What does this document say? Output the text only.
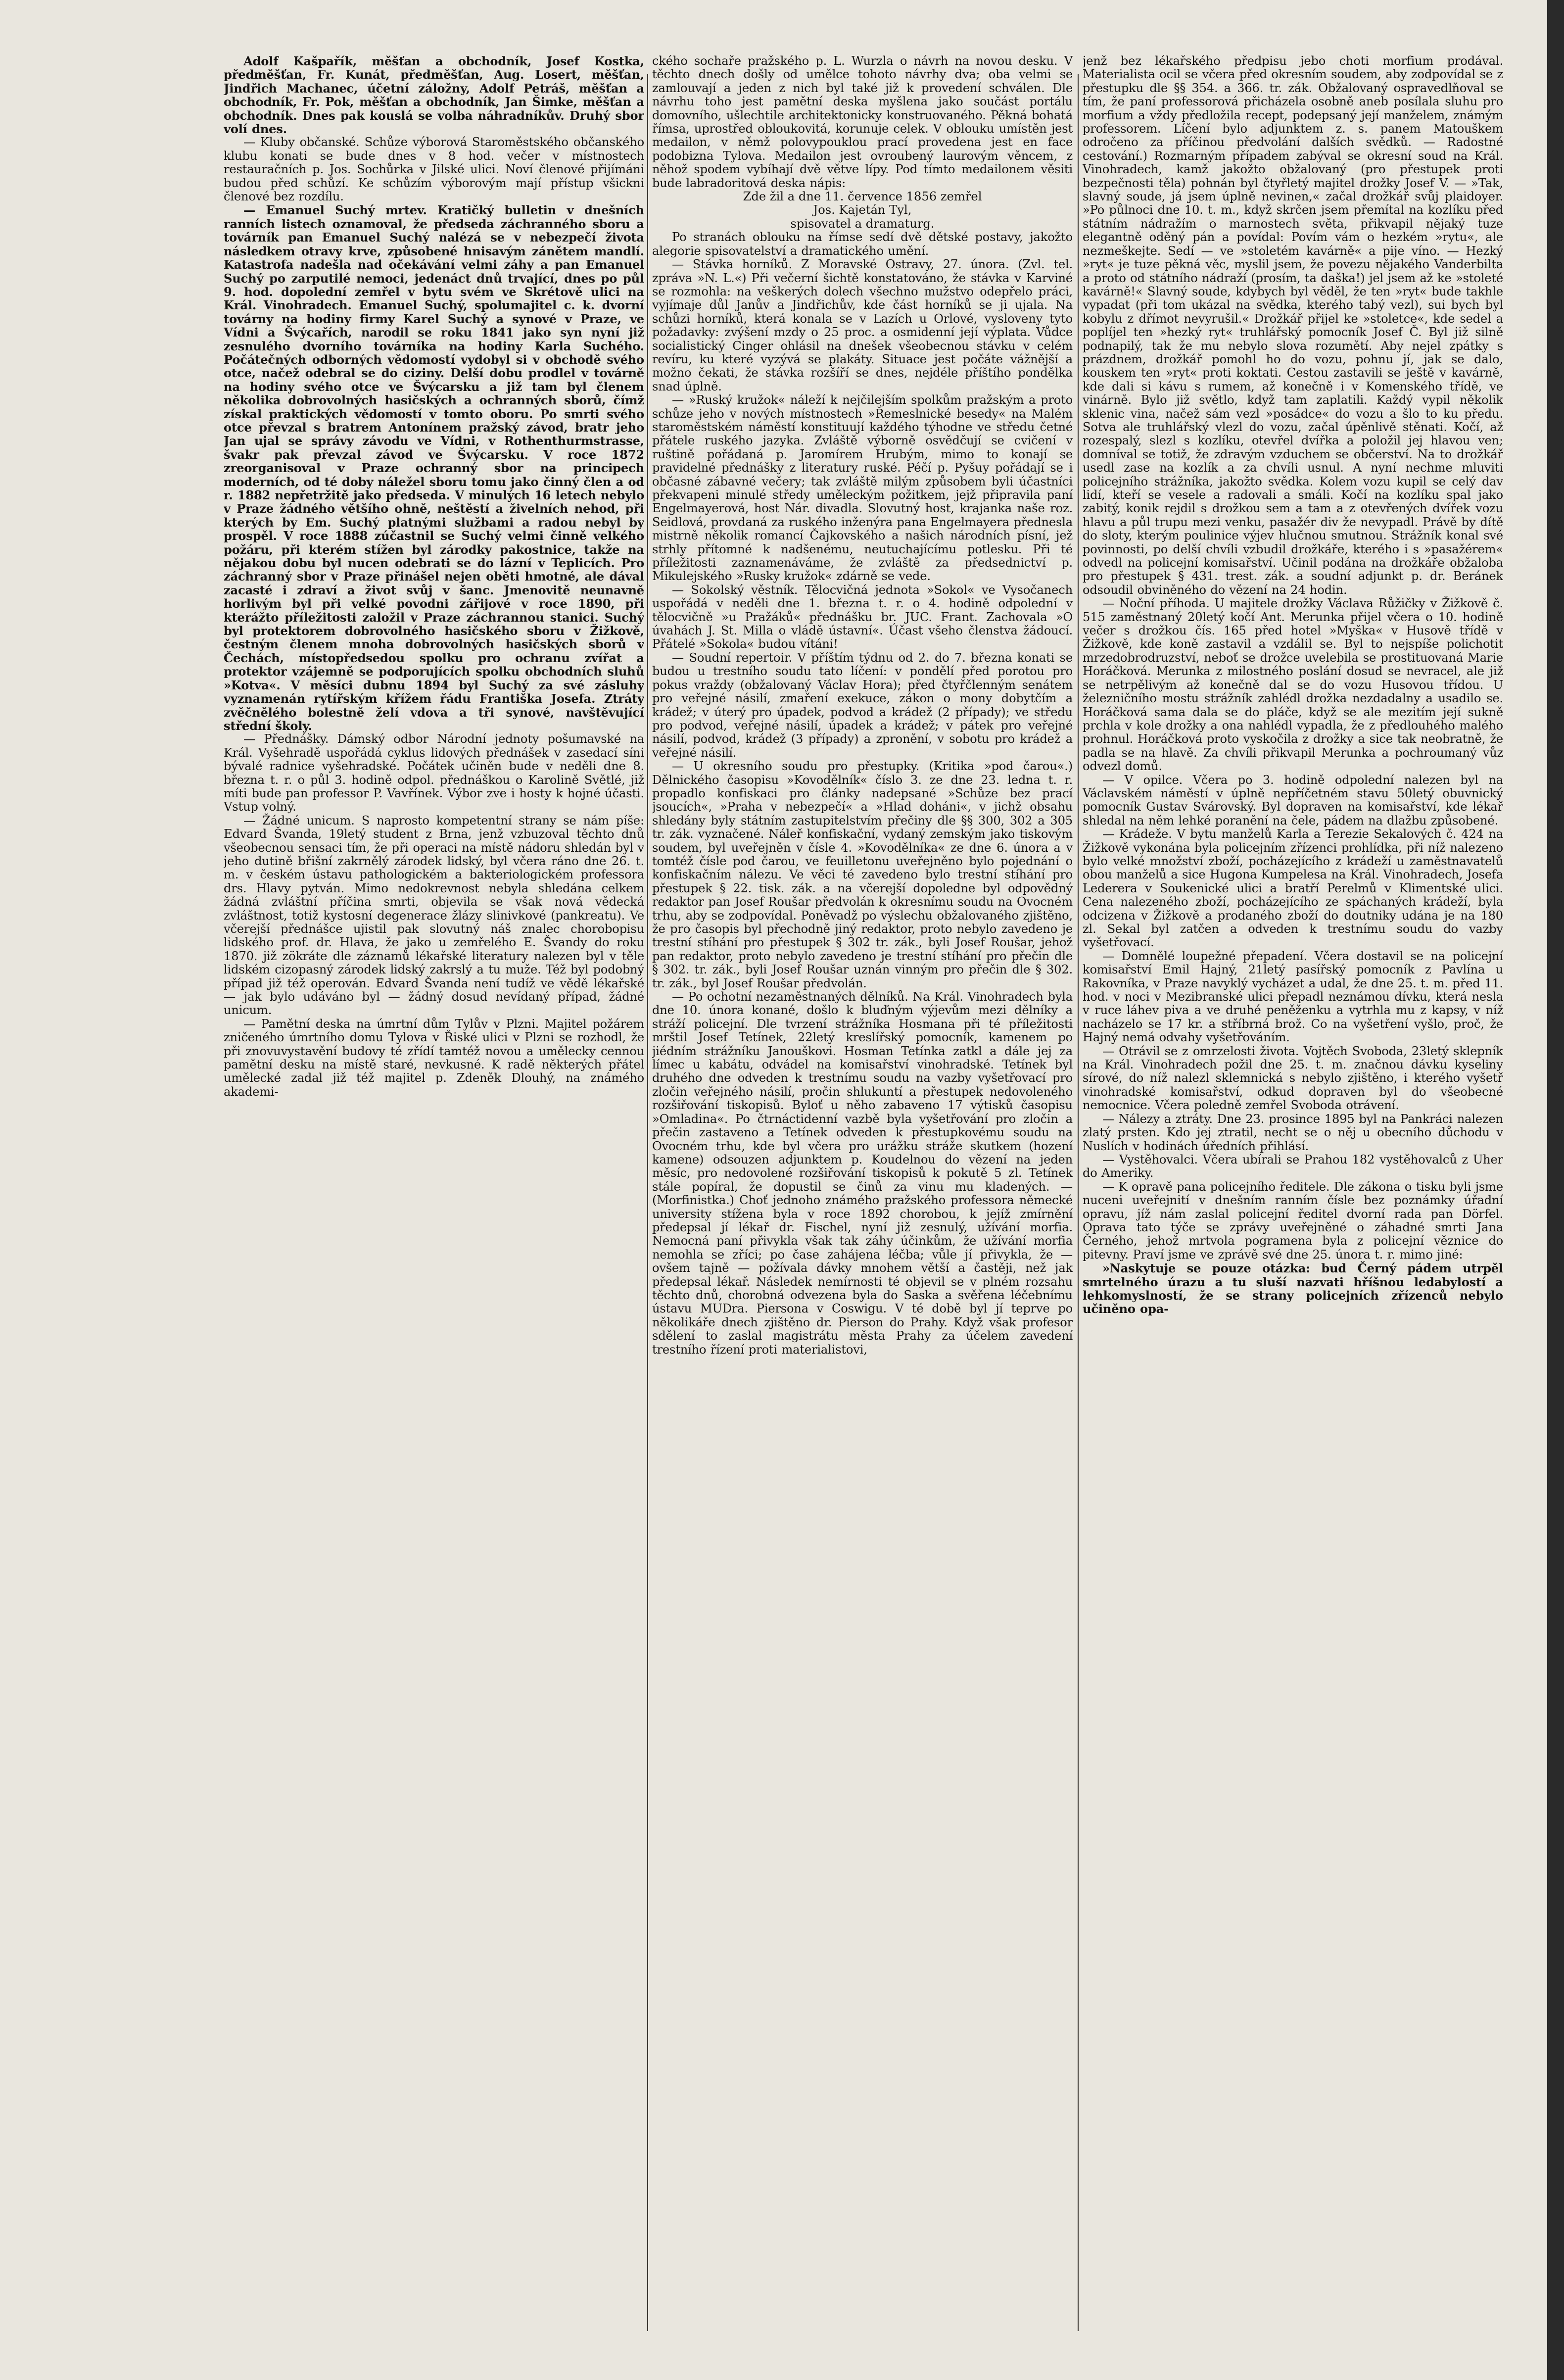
Adolf Kašpařík, měšťan a obchodník, Josef Kostka, předměšťan, Fr. Kunát, předměšťan, Aug. Losert, měšťan, Jindřich Machanec, účetní záložny, Adolf Petráš, měšťan a obchodník, Fr. Pok, měšťan a obchodník, Jan Šimke, měšťan a obchodník. Dnes pak kouslá se volba náhradníkův. Druhý sbor volí dnes.

— Kluby občanské. Schůze výborová Staroměstského občanského klubu konati se bude dnes v 8 hod. večer v místnostech restauračních p. Jos. Sochůrka v Jilské ulici. Noví členové přijímáni budou před schůzí. Ke schůzím výborovým mají přístup všickni členové bez rozdílu.

— Emanuel Suchý mrtev. Kratičký bulletin v dnešních ranních listech oznamoval, že předseda záchranného sboru a továrník pan Emanuel Suchý nalézá se v nebezpečí života následkem otravy krve, způsobené hnisavým zánětem mandlí. Katastrofa nadešla nad očekávání velmi záhy a pan Emanuel Suchý po zarputilé nemoci, jedenáct dnů trvající, dnes po půl 9. hod. dopolední zemřel v bytu svém ve Skrétově ulici na Král. Vinohradech. Emanuel Suchý, spolumajitel c. k. dvorní továrny na hodiny firmy Karel Suchý a synové v Praze, ve Vídni a Švýcařích, narodil se roku 1841 jako syn nyní již zesnulého dvorního továrníka na hodiny Karla Suchého. Počátečných odborných vědomostí vydobyl si v obchodě svého otce, načež odebral se do ciziny. Delší dobu prodlel v továrně na hodiny svého otce ve Švýcarsku a již tam byl členem několika dobrovolných hasičských a ochranných sborů, čímž získal praktických vědomostí v tomto oboru. Po smrti svého otce převzal s bratrem Antonínem pražský závod, bratr jeho Jan ujal se správy závodu ve Vídni, v Rothenthurmstrasse, švakr pak převzal závod ve Švýcarsku. V roce 1872 zreorganisoval v Praze ochranný sbor na principech moderních, od té doby náležel sboru tomu jako činný člen a od r. 1882 nepřetržitě jako předseda. V minulých 16 letech nebylo v Praze žádného většího ohně, neštěstí a živelních nehod, při kterých by Em. Suchý platnými službami a radou nebyl by prospěl. V roce 1888 zúčastnil se Suchý velmi činně velkého požáru, při kterém stížen byl zárodky pakostnice, takže na nějakou dobu byl nucen odebrati se do lázní v Teplicích. Pro záchranný sbor v Praze přinášel nejen oběti hmotné, ale dával zacasté i zdraví a život svůj v šanc. Jmenovitě neunavně horlivým byl při velké povodni zářijové v roce 1890, při kterážto příležitosti založil v Praze záchrannou stanici. Suchý byl protektorem dobrovolného hasičského sboru v Žižkově, čestným členem mnoha dobrovolných hasičských sborů v Čechách, místopředsedou spolku pro ochranu zvířat a protektor vzájemně se podporujících spolku obchodních sluhů »Kotva«. V měsíci dubnu 1894 byl Suchý za své zásluhy vyznamenán rytířským křížem řádu Františka Josefa. Ztráty zvěčnělého bolestně želí vdova a tři synové, navštěvující střední školy.

— Přednášky. Dámský odbor Národní jednoty pošumavské na Král. Vyšehradě uspořádá cyklus lidových přednášek v zasedací síni bývalé radnice vyšehradské. Počátek učiněn bude v neděli dne 8. března t. r. o půl 3. hodině odpol. přednáškou o Karolině Světlé, již míti bude pan professor P. Vavřínek. Výbor zve i hosty k hojné účasti. Vstup volný.

— Žádné unicum. S naprosto kompetentní strany se nám píše: Edvard Švanda, 19letý student z Brna, jenž vzbuzoval těchto dnů všeobecnou sensaci tím, že při operaci na místě nádoru shledán byl v jeho dutině břišní zakrnělý zárodek lidský, byl včera ráno dne 26. t. m. v českém ústavu pathologickém a bakteriologickém professora drs. Hlavy pytván. Mimo nedokrevnost nebyla shledána celkem žádná zvláštní příčina smrti, objevila se však nová vědecká zvláštnost, totiž kystosní degenerace žlázy slinivkové (pankreatu). Ve včerejší přednášce ujistil pak slovutný náš znalec chorobopisu lidského prof. dr. Hlava, že jako u zemřelého E. Švandy do roku 1870. již zökráte dle záznamů lékařské literatury nalezen byl v těle lidském cizopasný zárodek lidský zakrslý a tu muže. Též byl podobný případ již též operován. Edvard Švanda není tudíž ve vědě lékařské — jak bylo udáváno byl — žádný dosud nevídaný případ, žádné unicum.

— Pamětní deska na úmrtní dům Tylův v Plzni. Majitel požárem zničeného úmrtního domu Tylova v Řiské ulici v Plzni se rozhodl, že při znovuvystavění budovy té zřídí tamtéž novou a umělecky cennou pamětní desku na místě staré, nevkusné. K radě některých přátel umělecké zadal již též majitel p. Zdeněk Dlouhý, na známého akademi-

ckého sochaře pražského p. L. Wurzla o návrh na novou desku. V těchto dnech došly od umělce tohoto návrhy dva; oba velmi se zamlouvají a jeden z nich byl také již k provedení schválen. Dle návrhu toho jest pamětní deska myšlena jako součást portálu domovního, ušlechtile architektonicky konstruovaného. Pěkná bohatá římsa, uprostřed obloukovitá, korunuje celek. V oblouku umístěn jest medailon, v němž polovypouklou prací provedena jest en face podobizna Tylova. Medailon jest ovroubený laurovým věncem, z něhož spodem vybíhají dvě větve lípy. Pod tímto medailonem věsiti bude labradoritová deska nápis:

Zde žil a dne 11. července 1856 zemřel

Jos. Kajetán Tyl,

spisovatel a dramaturg.

Po stranách oblouku na římse sedí dvě dětské postavy, jakožto alegorie spisovatelství a dramatického umění.

— Stávka horníků. Z Moravské Ostravy, 27. února. (Zvl. tel. zpráva »N. L.«) Při večerní šichtě konstatováno, že stávka v Karviné se rozmohla: na veškerých dolech všechno mužstvo odepřelo práci, vyjímaje důl Janův a Jindřichův, kde část horníků se ji ujala. Na schůzi horníků, která konala se v Lazích u Orlové, vysloveny tyto požadavky: zvýšení mzdy o 25 proc. a osmidenní její výplata. Vůdce socialistický Cinger ohlásil na dnešek všeobecnou stávku v celém revíru, ku které vyzývá se plakáty. Situace jest počáte vážnější a možno čekati, že stávka rozšíří se dnes, nejdéle příštího pondělka snad úplně.

— »Ruský kružok« náleží k nejčilejším spolkům pražským a proto schůze jeho v nových místnostech »Řemeslnické besedy« na Malém staroměstském náměstí konstituují každého týhodne ve středu četné přátele ruského jazyka. Zvláště výborně osvědčují se cvičení v ruštině pořádaná p. Jaromírem Hrubým, mimo to konají se pravidelné přednášky z literatury ruské. Péčí p. Pyšuy pořádají se i občasné zábavné večery; tak zvláště milým způsobem byli účastníci překvapeni minulé středy uměleckým požitkem, jejž připravila paní Engelmayerová, host Nár. divadla. Slovutný host, krajanka naše roz. Seidlová, provdaná za ruského inženýra pana Engelmayera přednesla mistrně několik romancí Čajkovského a našich národních písní, jež strhly přítomné k nadšenému, neutuchajícímu potlesku. Při té příležitosti zaznamenáváme, že zvláště za předsednictví p. Mikulejského »Rusky kružok« zdárně se vede.

— Sokolský věstník. Tělocvičná jednota »Sokol« ve Vysočanech uspořádá v neděli dne 1. března t. r. o 4. hodině odpolední v tělocvičně »u Pražáků« přednášku br. JUC. Frant. Zachovala »O úvahách J. St. Milla o vládě ústavní«. Účast všeho členstva žádoucí. Přátelé »Sokola« budou vítáni!

— Soudní repertoir. V příštím týdnu od 2. do 7. března konati se budou u trestního soudu tato líčení: v pondělí před porotou pro pokus vraždy (obžalovaný Václav Hora); před čtyřčlenným senátem pro veřejné násilí, zmaření exekuce, zákon o mony dobytčím a krádež; v úterý pro úpadek, podvod a krádež (2 případy); ve středu pro podvod, veřejné násilí, úpadek a krádež; v pátek pro veřejné násilí, podvod, krádež (3 případy) a zpronění, v sobotu pro krádež a veřejné násilí.

— U okresního soudu pro přestupky. (Kritika »pod čarou«.) Dělnického časopisu »Kovodělník« číslo 3. ze dne 23. ledna t. r. propadlo konfiskaci pro články nadepsané »Schůze bez prací jsoucích«, »Praha v nebezpečí« a »Hlad doháni«, v jichž obsahu shledány byly státním zastupitelstvím přečiny dle §§ 300, 302 a 305 tr. zák. vyznačené. Náleř konfiskační, vydaný zemským jako tiskovým soudem, byl uveřejněn v čísle 4. »Kovodělníka« ze dne 6. února a v tomtéž čísle pod čarou, ve feuilletonu uveřejněno bylo pojednání o konfiskačním nálezu. Ve věci té zavedeno bylo trestní stíhání pro přestupek § 22. tisk. zák. a na včerejší dopoledne byl odpovědný redaktor pan Josef Roušar předvolán k okresnímu soudu na Ovocném trhu, aby se zodpovídal. Poněvadž po výslechu obžalovaného zjištěno, že pro časopis byl přechodně jiný redaktor, proto nebylo zavedeno je trestní stíhání pro přestupek § 302 tr. zák., byli Josef Roušar, jehož pan redaktor, proto nebylo zavedeno je trestní stíhání pro přečin dle § 302. tr. zák., byli Josef Roušar uznán vinným pro přečin dle § 302. tr. zák., byl Josef Roušar předvolán.

— Po ochotní nezaměstnaných dělníků. Na Král. Vinohradech byla dne 10. února konané, došlo k bluďným výjevům mezi dělníky a stráží policejní. Dle tvrzení strážníka Hosmana při té příležitosti mrštil Josef Tetínek, 22letý kreslířský pomocník, kamenem po jiédním strážníku Janouškovi. Hosman Tetínka zatkl a dále jej za límec u kabátu, odvádel na komisařství vinohradské. Tetínek byl druhého dne odveden k trestnímu soudu na vazby vyšetřovací pro zločin veřejného násilí, pročin shlukuntí a přestupek nedovoleného rozšiřování tiskopisů. Byloť u něho zabaveno 17 výtisků časopisu »Omladina«. Po čtrnáctidenní vazbě byla vyšetřování pro zločin a přečin zastaveno a Tetínek odveden k přestupkovému soudu na Ovocném trhu, kde byl včera pro urážku stráže skutkem (hození kamene) odsouzen adjunktem p. Koudelnou do vězení na jeden měsíc, pro nedovolené rozšiřování tiskopisů k pokutě 5 zl. Tetínek stále popíral, že dopustil se činů za vinu mu kladených. — (Morfinistka.) Choť jednoho známého pražského professora německé university stížena byla v roce 1892 chorobou, k jejíž zmírnění předepsal jí lékař dr. Fischel, nyní již zesnulý, užívání morfia. Nemocná paní přivykla však tak záhy účinkům, že užívání morfia nemohla se zříci; po čase zahájena léčba; vůle jí přivykla, že — ovšem tajně — požívala dávky mnohem větší a častěji, než jak předepsal lékař. Následek nemírnosti té objevil se v plném rozsahu těchto dnů, chorobná odvezena byla do Saska a svěřena léčebnímu ústavu MUDra. Piersona v Coswigu. V té době byl jí teprve po několikáře dnech zjištěno dr. Pierson do Prahy. Když však profesor sdělení to zaslal magistrátu města Prahy za účelem zavedení trestního řízení proti materialistovi,

jenž bez lékařského předpisu jebo choti morfium prodával. Materialista ocil se včera před okresním soudem, aby zodpovídal se z přestupku dle §§ 354. a 366. tr. zák. Obžalovaný ospravedlňoval se tím, že paní professorová přicházela osobně aneb posílala sluhu pro morfium a vždy předložila recept, podepsaný její manželem, známým professorem. Líčení bylo adjunktem z. s. panem Matouškem odročeno za příčinou předvolání dalších svědků. — Radostné cestování.) Rozmarným případem zabýval se okresní soud na Král. Vinohradech, kamž jakožto obžalovaný (pro přestupek proti bezpečnosti těla) pohnán byl čtyřletý majitel drožky Josef V. — »Tak, slavný soude, já jsem úplně nevinen,« začal drožkář svůj plaidoyer. »Po půlnoci dne 10. t. m., když skrčen jsem přemítal na kozlíku před státním nádražím o marnostech světa, přikvapil nějaký tuze elegantně oděný pán a povídal: Povím vám o hezkém »rytu«, ale nezmeškejte. Sedí — ve »stoletém kavárně« a pije víno. — Hezký »ryt« je tuze pěkná věc, myslil jsem, že povezu nějakého Vanderbilta a proto od státního nádraží (prosím, ta daška!) jel jsem až ke »stoleté kavárně!« Slavný soude, kdybych byl věděl, že ten »ryt« bude takhle vypadat (při tom ukázal na svědka, kterého tabý vezl), sui bych byl kobylu z dřímot nevyrušil.« Drožkář přijel ke »stoletce«, kde sedel a poplíjel ten »hezký ryt« truhlářský pomocník Josef Č. Byl již silně podnapilý, tak že mu nebylo slova rozumětí. Aby nejel zpátky s prázdnem, drožkář pomohl ho do vozu, pohnu jí, jak se dalo, kouskem ten »ryt« proti koktati. Cestou zastavili se ještě v kavárně, kde dali si kávu s rumem, až konečně i v Komenského třídě, ve vinárně. Bylo již světlo, když tam zaplatili. Každý vypil několik sklenic vina, načež sám vezl »posádce« do vozu a šlo to ku předu. Sotva ale truhlářský vlezl do vozu, začal úpěnlivě stěnati. Kočí, až rozespalý, slezl s kozlíku, otevřel dvířka a položil jej hlavou ven; domníval se totiž, že zdravým vzduchem se občerství. Na to drožkář usedl zase na kozlík a za chvíli usnul. A nyní nechme mluviti policejního strážníka, jakožto svědka. Kolem vozu kupil se celý dav lidí, kteří se vesele a radovali a smáli. Kočí na kozlíku spal jako zabitý, konik rejdil s drožkou sem a tam a z otevřených dvířek vozu hlavu a půl trupu mezi venku, pasažér div že nevypadl. Právě by dítě do sloty, kterým poulinice výjev hlučnou smutnou. Strážník konal své povinnosti, po delší chvíli vzbudil drožkáře, kterého i s »pasažérem« odvedl na policejní komisařství. Učinil podána na drožkáře obžaloba pro přestupek § 431. trest. zák. a soudní adjunkt p. dr. Beránek odsoudil obviněného do vězení na 24 hodin.

— Noční příhoda. U majitele drožky Václava Růžičky v Žižkově č. 515 zaměstnaný 20letý kočí Ant. Merunka přijel včera o 10. hodině večer s drožkou čís. 165 před hotel »Myška« v Husově třídě v Žižkově, kde koně zastavil a vzdálil se. Byl to nejspíše polichotit mrzedobrodruzství, neboť se drožce uvelebila se prostituovaná Marie Horáčková. Merunka z milostného poslání dosud se nevracel, ale již se netrpělivým až konečně dal se do vozu Husovou třídou. U železničního mostu strážník zahlédl drožka nezdadalny a usadilo se. Horáčková sama dala se do pláče, když se ale mezitím její sukně prchla v kole drožky a ona nahlédl vypadla, že z předlouhého malého prohnul. Horáčková proto vyskočila z drožky a sice tak neobratně, že padla se na hlavě. Za chvíli přikvapil Merunka a pochroumaný vůz odvezl domů.

— V opilce. Včera po 3. hodině odpolední nalezen byl na Václavském náměstí v úplně nepříčetném stavu 50letý obuvnický pomocník Gustav Svárovský. Byl dopraven na komisařství, kde lékař shledal na něm lehké poranění na čele, pádem na dlažbu způsobené.

— Krádeže. V bytu manželů Karla a Terezie Sekalových č. 424 na Žižkově vykonána byla policejním zřízenci prohlídka, při níž nalezeno bylo velké množství zboží, pocházejícího z krádeží u zaměstnavatelů obou manželů a sice Hugona Kumpelesa na Král. Vinohradech, Josefa Lederera v Soukenické ulici a bratří Perelmů v Klimentské ulici. Cena nalezeného zboží, pocházejícího ze spáchaných krádeží, byla odcizena v Žižkově a prodaného zboží do doutniky udána je na 180 zl. Sekal byl zatčen a odveden k trestnímu soudu do vazby vyšetřovací.

— Domnělé loupežné přepadení. Včera dostavil se na policejní komisařství Emil Hajný, 21letý pasířský pomocník z Pavlína u Rakovníka, v Praze navyklý vycházet a udal, že dne 25. t. m. před 11. hod. v noci v Mezibranské ulici přepadl neznámou dívku, která nesla v ruce láhev piva a ve druhé peněženku a vytrhla mu z kapsy, v níž nacházelo se 17 kr. a stříbrná brož. Co na vyšetření vyšlo, proč, že Hajný nemá odvahy vyšetřováním.

— Otrávil se z omrzelosti života. Vojtěch Svoboda, 23letý sklepník na Král. Vinohradech požil dne 25. t. m. značnou dávku kyseliny sírové, do níž nalezl sklemnická s nebylo zjištěno, i kterého vyšetř vinohradské komisařství, odkud dopraven byl do všeobecné nemocnice. Včera poledně zemřel Svoboda otrávení.

— Nálezy a ztráty. Dne 23. prosince 1895 byl na Pankráci nalezen zlatý prsten. Kdo jej ztratil, necht se o něj u obecního důchodu v Nuslích v hodinách úředních přihlásí.

— Vystěhovalci. Včera ubírali se Prahou 182 vystěhovalců z Uher do Ameriky.

— K opravě pana policejního ředitele. Dle zákona o tisku byli jsme nuceni uveřejnití v dnešním ranním čísle bez poznámky úřadní opravu, jíž nám zaslal policejní ředitel dvorní rada pan Dörfel. Oprava tato týče se zprávy uveřejněné o záhadné smrti Jana Černého, jehož mrtvola pogramena byla z policejní věznice do pitevny. Praví jsme ve zprávě své dne 25. února t. r. mimo jiné:

»Naskytuje se pouze otázka: bud Černý pádem utrpěl smrtelného úrazu a tu sluší nazvati hříšnou ledabylostí a lehkomyslností, že se strany policejních zřízenců nebylo učiněno opa-
